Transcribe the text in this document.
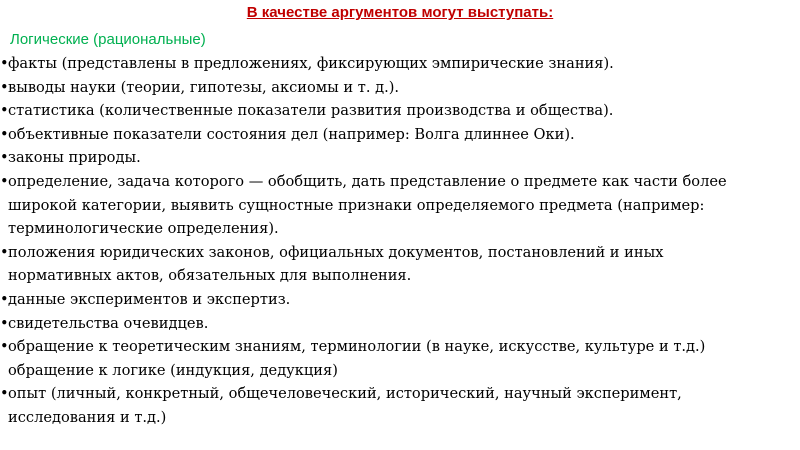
В качестве аргументов могут выступать:
Логические (рациональные)
• факты (представлены в предложениях, фиксирующих эмпирические знания).
• выводы науки (теории, гипотезы, аксиомы и т. д.).
• статистика (количественные показатели развития производства и общества).
• объективные показатели состояния дел (например: Волга длиннее Оки).
• законы природы.
• определение, задача которого — обобщить, дать представление о предмете как части более
широкой категории, выявить сущностные признаки определяемого предмета (например:
терминологические определения).
• положения юридических законов, официальных документов, постановлений и иных
нормативных актов, обязательных для выполнения.
• данные экспериментов и экспертиз.
• свидетельства очевидцев.
• обращение к теоретическим знаниям, терминологии (в науке, искусстве, культуре и т.д.)
обращение к логике (индукция, дедукция)
• опыт (личный, конкретный, общечеловеческий, исторический, научный эксперимент,
исследования и т.д.)
